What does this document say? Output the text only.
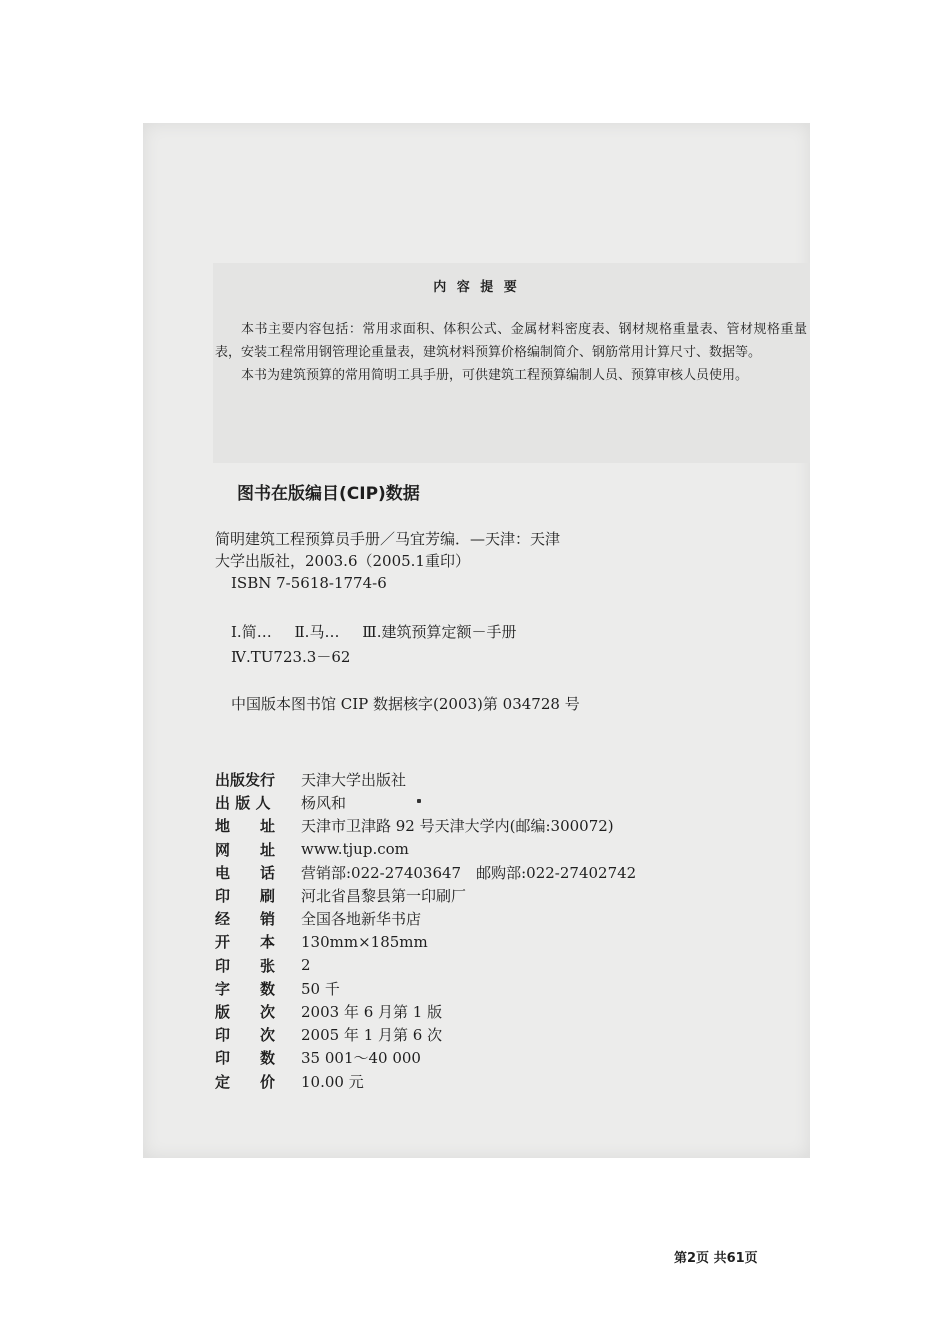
内 容 提 要

本书主要内容包括：常用求面积、体积公式、金属材料密度表、钢材规格重量表、管材规格重量表，安装工程常用钢管理论重量表，建筑材料预算价格编制简介、钢筋常用计算尺寸、数据等。

本书为建筑预算的常用简明工具手册，可供建筑工程预算编制人员、预算审核人员使用。

图书在版编目(CIP)数据
简明建筑工程预算员手册／马宜芳编．—天津：天津
大学出版社，2003.6（2005.1重印）
ISBN 7-5618-1774-6
Ⅰ.简… Ⅱ.马… Ⅲ.建筑预算定额－手册
Ⅳ.TU723.3－62
中国版本图书馆 CIP 数据核字(2003)第 034728 号
出版发行	天津大学出版社
出 版 人	杨风和
地　　址	天津市卫津路 92 号天津大学内(邮编:300072)
网　　址	www.tjup.com
电　　话	营销部:022-27403647　邮购部:022-27402742
印　　刷	河北省昌黎县第一印刷厂
经　　销	全国各地新华书店
开　　本	130mm×185mm
印　　张	2
字　　数	50 千
版　　次	2003 年 6 月第 1 版
印　　次	2005 年 1 月第 6 次
印　　数	35 001～40 000
定　　价	10.00 元
第2页 共61页
